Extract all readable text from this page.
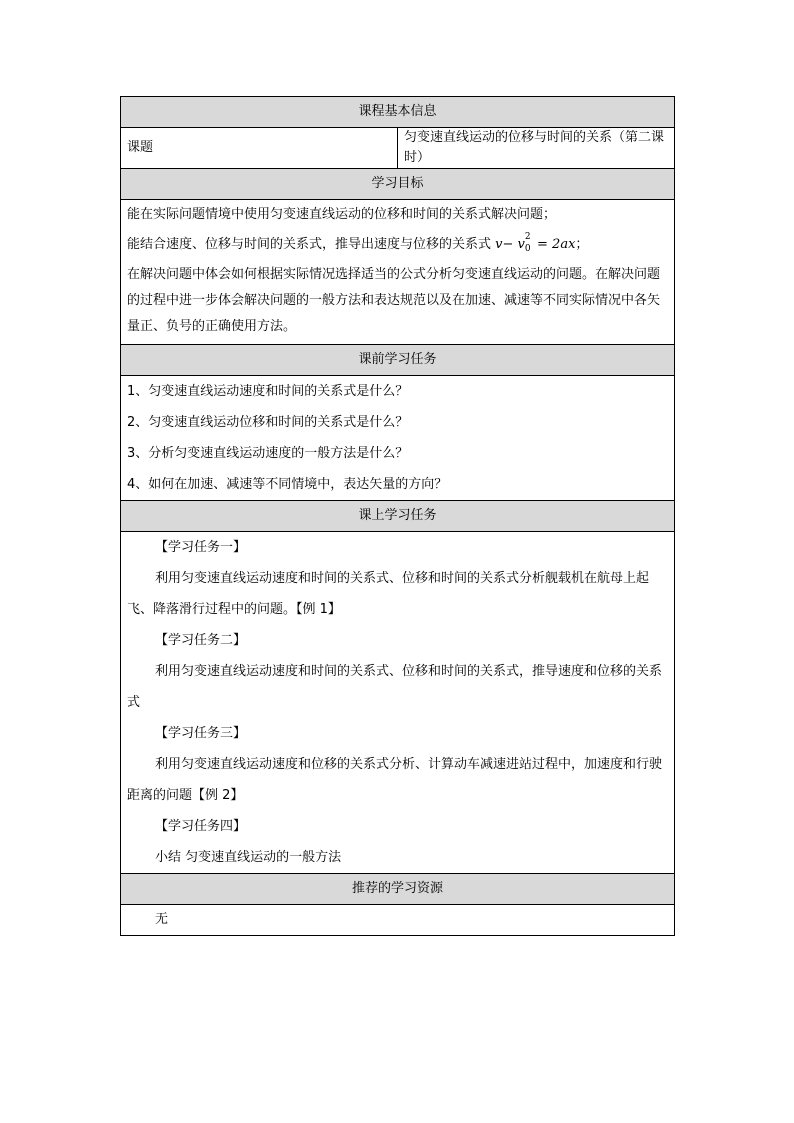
课程基本信息
课题	匀变速直线运动的位移与时间的关系（第二课时）
学习目标

能在实际问题情境中使用匀变速直线运动的位移和时间的关系式解决问题；
能结合速度、位移与时间的关系式，推导出速度与位移的关系式 v− v
2
0 = 2ax；
在解决问题中体会如何根据实际情况选择适当的公式分析匀变速直线运动的问题。在解决问题的过程中进一步体会解决问题的一般方法和表达规范以及在加速、减速等不同实际情况中各矢量正、负号的正确使用方法。

课前学习任务

1、匀变速直线运动速度和时间的关系式是什么？
2、匀变速直线运动位移和时间的关系式是什么？
3、分析匀变速直线运动速度的一般方法是什么？
4、如何在加速、减速等不同情境中，表达矢量的方向？

课上学习任务

【学习任务一】
利用匀变速直线运动速度和时间的关系式、位移和时间的关系式分析舰载机在航母上起飞、降落滑行过程中的问题。【例 1】
【学习任务二】
利用匀变速直线运动速度和时间的关系式、位移和时间的关系式，推导速度和位移的关系式
【学习任务三】
利用匀变速直线运动速度和位移的关系式分析、计算动车减速进站过程中，加速度和行驶距离的问题【例 2】
【学习任务四】
小结 匀变速直线运动的一般方法

推荐的学习资源

无
